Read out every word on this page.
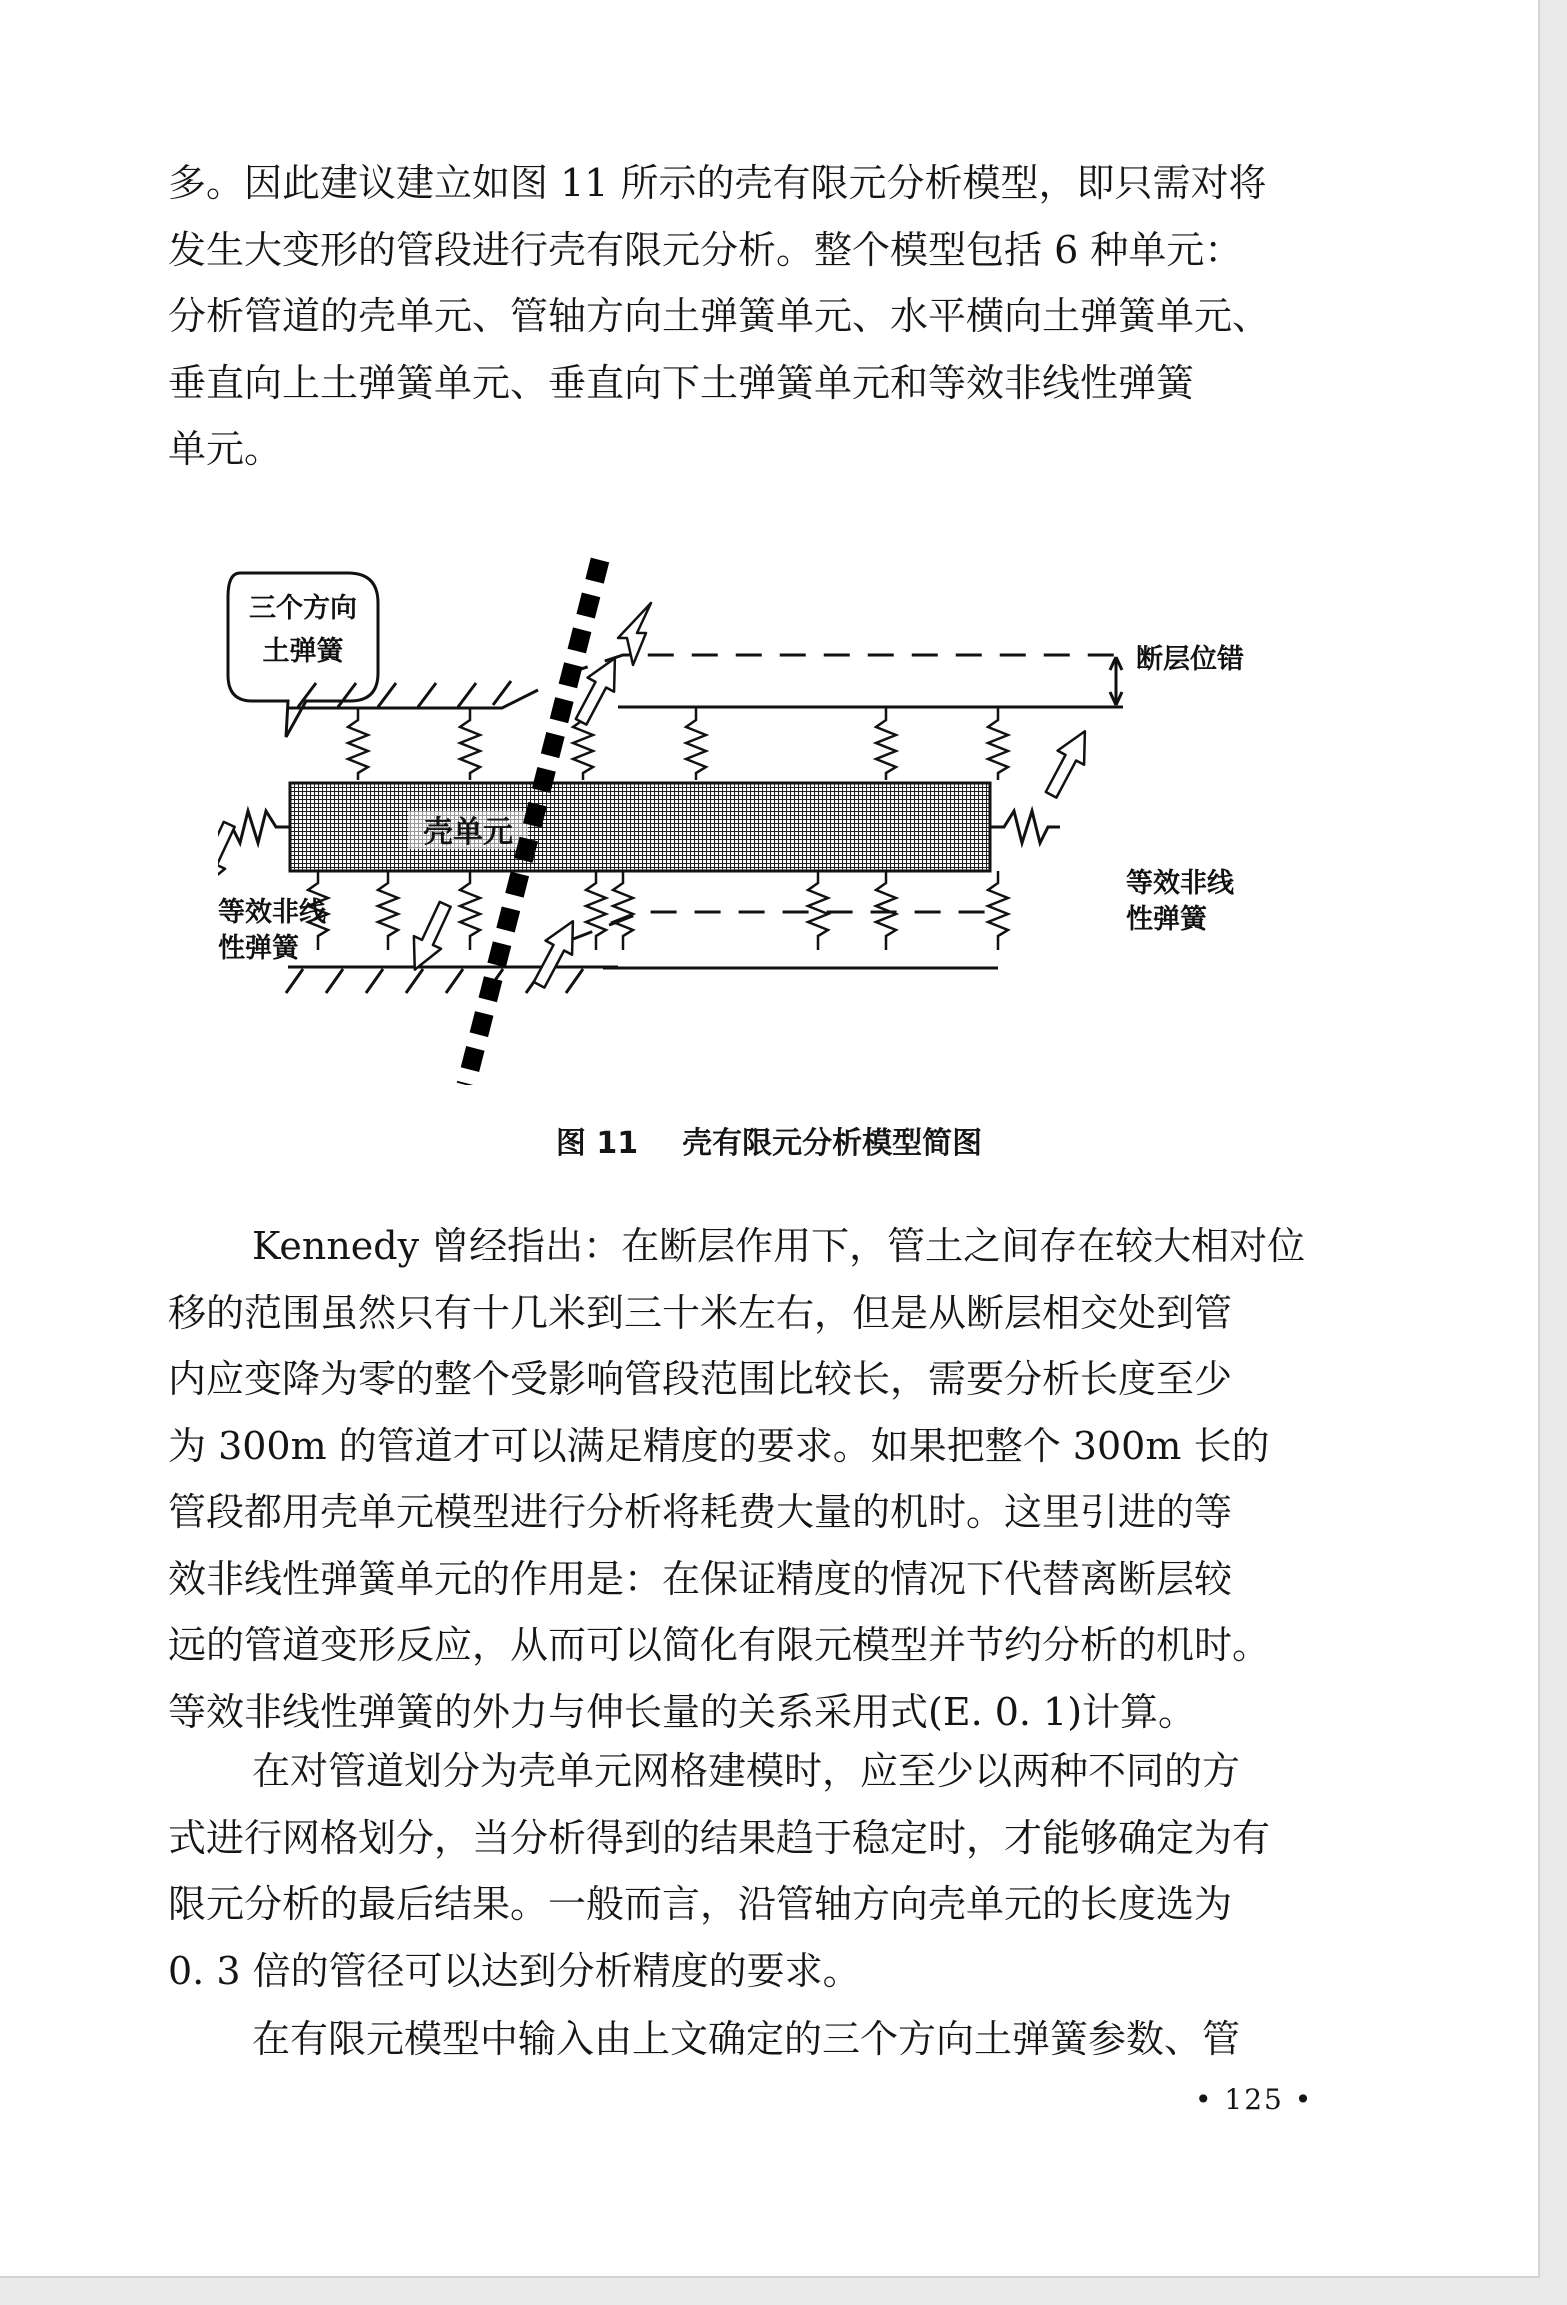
多。因此建议建立如图 11 所示的壳有限元分析模型，即只需对将
发生大变形的管段进行壳有限元分析。整个模型包括 6 种单元：
分析管道的壳单元、管轴方向土弹簧单元、水平横向土弹簧单元、
垂直向上土弹簧单元、垂直向下土弹簧单元和等效非线性弹簧
单元。

三个方向
土弹簧	断层位错
壳单元
等效非线
性弹簧
等效非线
性弹簧
图 11 壳有限元分析模型简图

Kennedy 曾经指出：在断层作用下，管土之间存在较大相对位
移的范围虽然只有十几米到三十米左右，但是从断层相交处到管
内应变降为零的整个受影响管段范围比较长，需要分析长度至少
为 300m 的管道才可以满足精度的要求。如果把整个 300m 长的
管段都用壳单元模型进行分析将耗费大量的机时。这里引进的等
效非线性弹簧单元的作用是：在保证精度的情况下代替离断层较
远的管道变形反应，从而可以简化有限元模型并节约分析的机时。
等效非线性弹簧的外力与伸长量的关系采用式(E. 0. 1)计算。

在对管道划分为壳单元网格建模时，应至少以两种不同的方
式进行网格划分，当分析得到的结果趋于稳定时，才能够确定为有
限元分析的最后结果。一般而言，沿管轴方向壳单元的长度选为
0. 3 倍的管径可以达到分析精度的要求。

在有限元模型中输入由上文确定的三个方向土弹簧参数、管

• 125 •
